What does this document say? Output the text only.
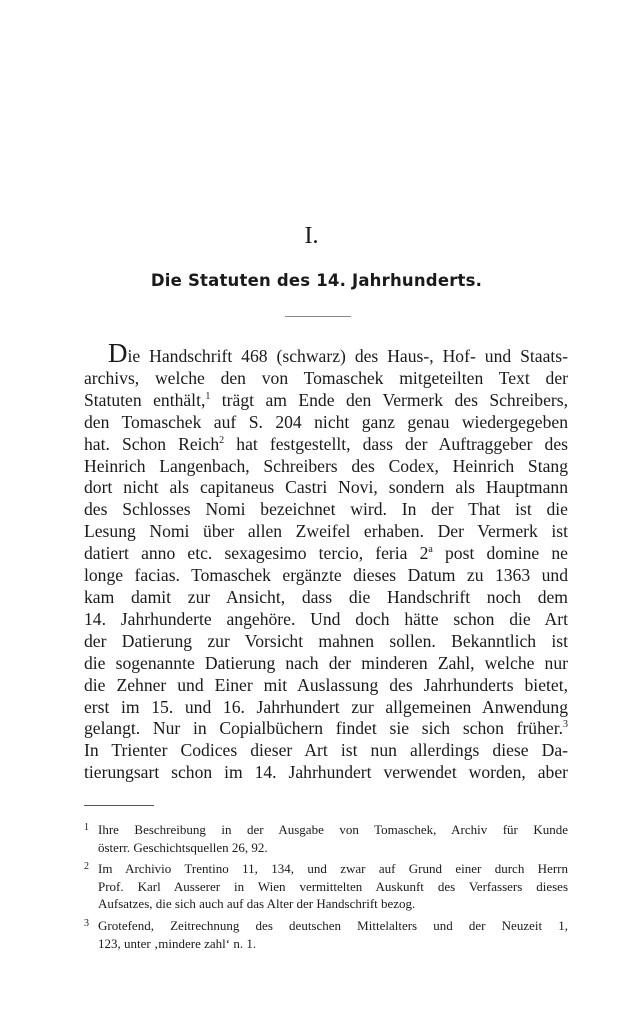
I.
Die Statuten des 14. Jahrhunderts.
Die Handschrift 468 (schwarz) des Haus-, Hof- und Staats-
archivs, welche den von Tomaschek mitgeteilten Text der
Statuten enthält,$^1$ trägt am Ende den Vermerk des Schreibers,
den Tomaschek auf S. 204 nicht ganz genau wiedergegeben
hat. Schon Reich$^2$ hat festgestellt, dass der Auftraggeber des
Heinrich Langenbach, Schreibers des Codex, Heinrich Stang
dort nicht als capitaneus Castri Novi, sondern als Hauptmann
des Schlosses Nomi bezeichnet wird. In der That ist die
Lesung Nomi über allen Zweifel erhaben. Der Vermerk ist
datiert anno etc. sexagesimo tercio, feria 2$^a$ post domine ne
longe facias. Tomaschek ergänzte dieses Datum zu 1363 und
kam damit zur Ansicht, dass die Handschrift noch dem
14. Jahrhunderte angehöre. Und doch hätte schon die Art
der Datierung zur Vorsicht mahnen sollen. Bekanntlich ist
die sogenannte Datierung nach der minderen Zahl, welche nur
die Zehner und Einer mit Auslassung des Jahrhunderts bietet,
erst im 15. und 16. Jahrhundert zur allgemeinen Anwendung
gelangt. Nur in Copialbüchern findet sie sich schon früher.$^3$
In Trienter Codices dieser Art ist nun allerdings diese Da-
tierungsart schon im 14. Jahrhundert verwendet worden, aber
1 Ihre Beschreibung in der Ausgabe von Tomaschek, Archiv für Kunde
österr. Geschichtsquellen 26, 92.
2 Im Archivio Trentino 11, 134, und zwar auf Grund einer durch Herrn
Prof. Karl Ausserer in Wien vermittelten Auskunft des Verfassers dieses
Aufsatzes, die sich auch auf das Alter der Handschrift bezog.
3 Grotefend, Zeitrechnung des deutschen Mittelalters und der Neuzeit 1,
123, unter ‚mindere zahl‘ n. 1.
